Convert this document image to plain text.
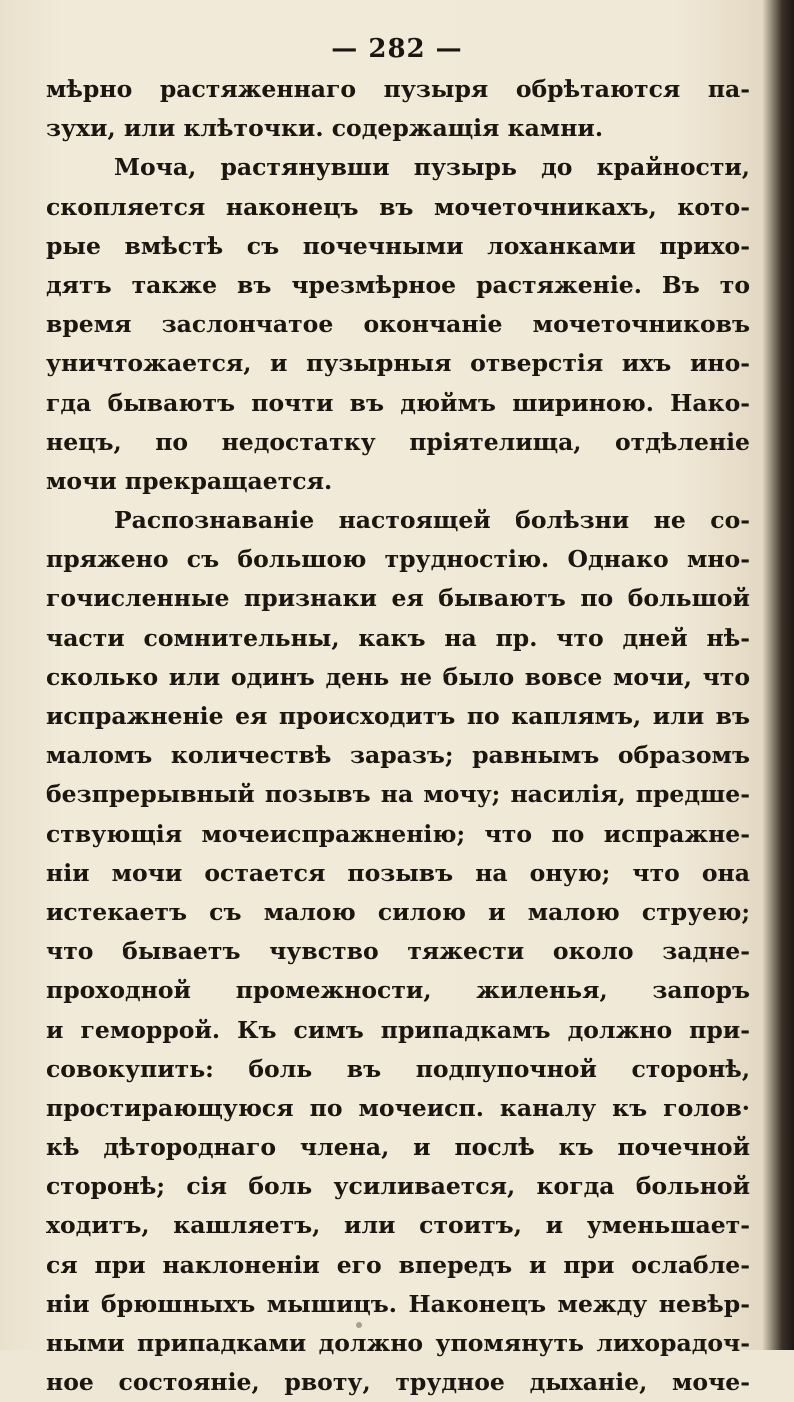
— 282 —
мѣрно растяженнаго пузыря обрѣтаются па-
зухи, или клѣточки. содержащія камни.
Моча, растянувши пузырь до крайности,
скопляется наконецъ въ мочеточникахъ, кото-
рые вмѣстѣ съ почечными лоханками прихо-
дятъ также въ чрезмѣрное растяженіе. Въ то
время заслончатое окончаніе мочеточниковъ
уничтожается, и пузырныя отверстія ихъ ино-
гда бываютъ почти въ дюймъ шириною. Нако-
нецъ, по недостатку пріятелища, отдѣленіе
мочи прекращается.
Распознаваніе настоящей болѣзни не со-
пряжено съ большою трудностію. Однако мно-
гочисленные признаки ея бываютъ по большой
части сомнительны, какъ на пр. что дней нѣ-
сколько или одинъ день не было вовсе мочи, что
испражненіе ея происходитъ по каплямъ, или въ
маломъ количествѣ заразъ; равнымъ образомъ
безпрерывный позывъ на мочу; насилія, предше-
ствующія мочеиспражненію; что по испражне-
ніи мочи остается позывъ на оную; что она
истекаетъ съ малою силою и малою струею;
что бываетъ чувство тяжести около задне-
проходной промежности, жиленья, запоръ
и геморрой. Къ симъ припадкамъ должно при-
совокупить: боль въ подпупочной сторонѣ,
простирающуюся по мочеисп. каналу къ голов·
кѣ дѣтороднаго члена, и послѣ къ почечной
сторонѣ; сія боль усиливается, когда больной
ходитъ, кашляетъ, или стоитъ, и уменьшает-
ся при наклоненіи его впередъ и при ослабле-
ніи брюшныхъ мышицъ. Наконецъ между невѣр-
ными припадками должно упомянуть лихорадоч-
ное состояніе, рвоту, трудное дыханіе, моче-
